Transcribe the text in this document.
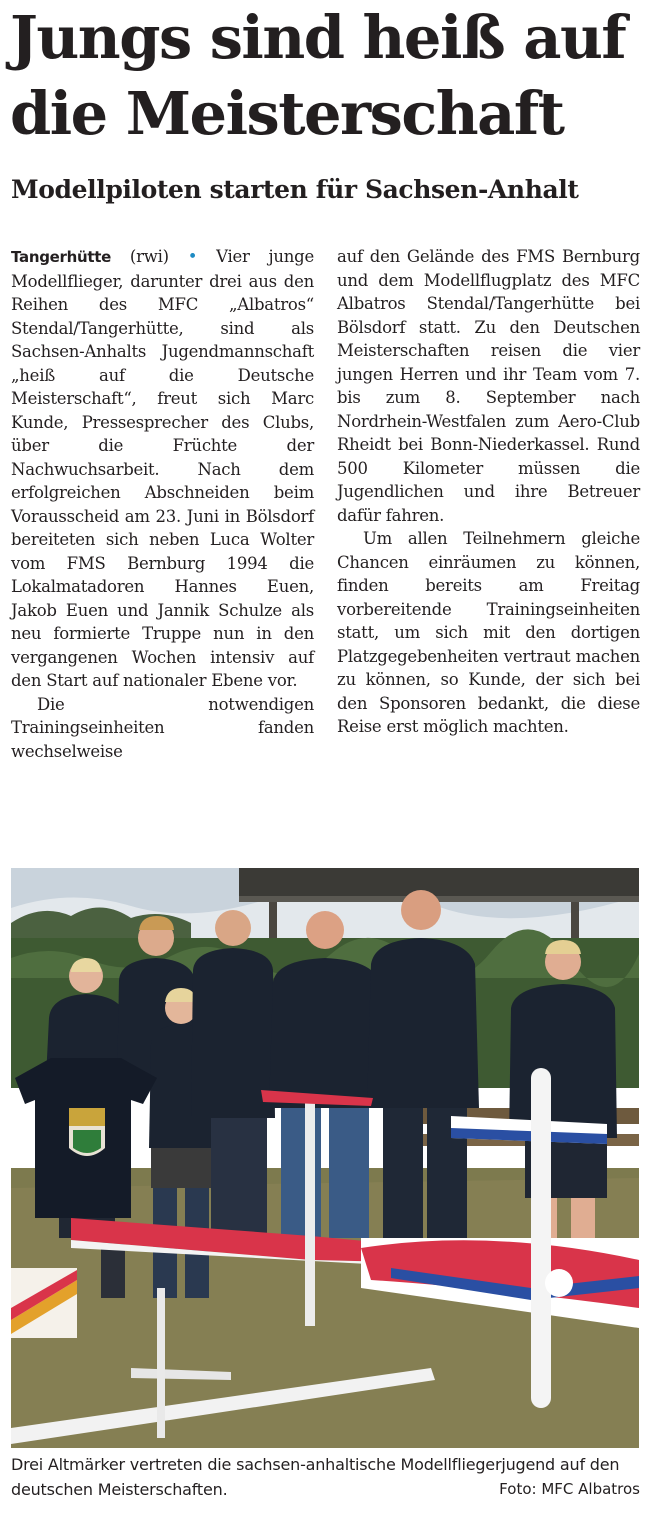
Jungs sind heiß auf
die Meisterschaft
Modellpiloten starten für Sachsen-Anhalt

Tangerhütte (rwi) • Vier junge Modellflieger, darunter drei aus den Reihen des MFC „Albatros“ Stendal/Tangerhütte, sind als Sachsen-Anhalts Jugendmannschaft „heiß auf die Deutsche Meisterschaft“, freut sich Marc Kunde, Pressesprecher des Clubs, über die Früchte der Nachwuchsarbeit. Nach dem erfolgreichen Abschneiden beim Vorausscheid am 23. Juni in Bölsdorf bereiteten sich neben Luca Wolter vom FMS Bernburg 1994 die Lokalmatadoren Hannes Euen, Jakob Euen und Jannik Schulze als neu formierte Truppe nun in den vergangenen Wochen intensiv auf den Start auf nationaler Ebene vor.

Die notwendigen Trainingseinheiten fanden wechselweise

auf den Gelände des FMS Bernburg und dem Modellflugplatz des MFC Albatros Stendal/Tangerhütte bei Bölsdorf statt. Zu den Deutschen Meisterschaften reisen die vier jungen Herren und ihr Team vom 7. bis zum 8. September nach Nordrhein-Westfalen zum Aero-Club Rheidt bei Bonn-Niederkassel. Rund 500 Kilometer müssen die Jugendlichen und ihre Betreuer dafür fahren.

Um allen Teilnehmern gleiche Chancen einräumen zu können, finden bereits am Freitag vorbereitende Trainingseinheiten statt, um sich mit den dortigen Platzgegebenheiten vertraut machen zu können, so Kunde, der sich bei den Sponsoren bedankt, die diese Reise erst möglich machten.

Drei Altmärker vertreten die sachsen-anhaltische Modellfliegerjugend auf den deutschen Meisterschaften.	Foto: MFC Albatros
